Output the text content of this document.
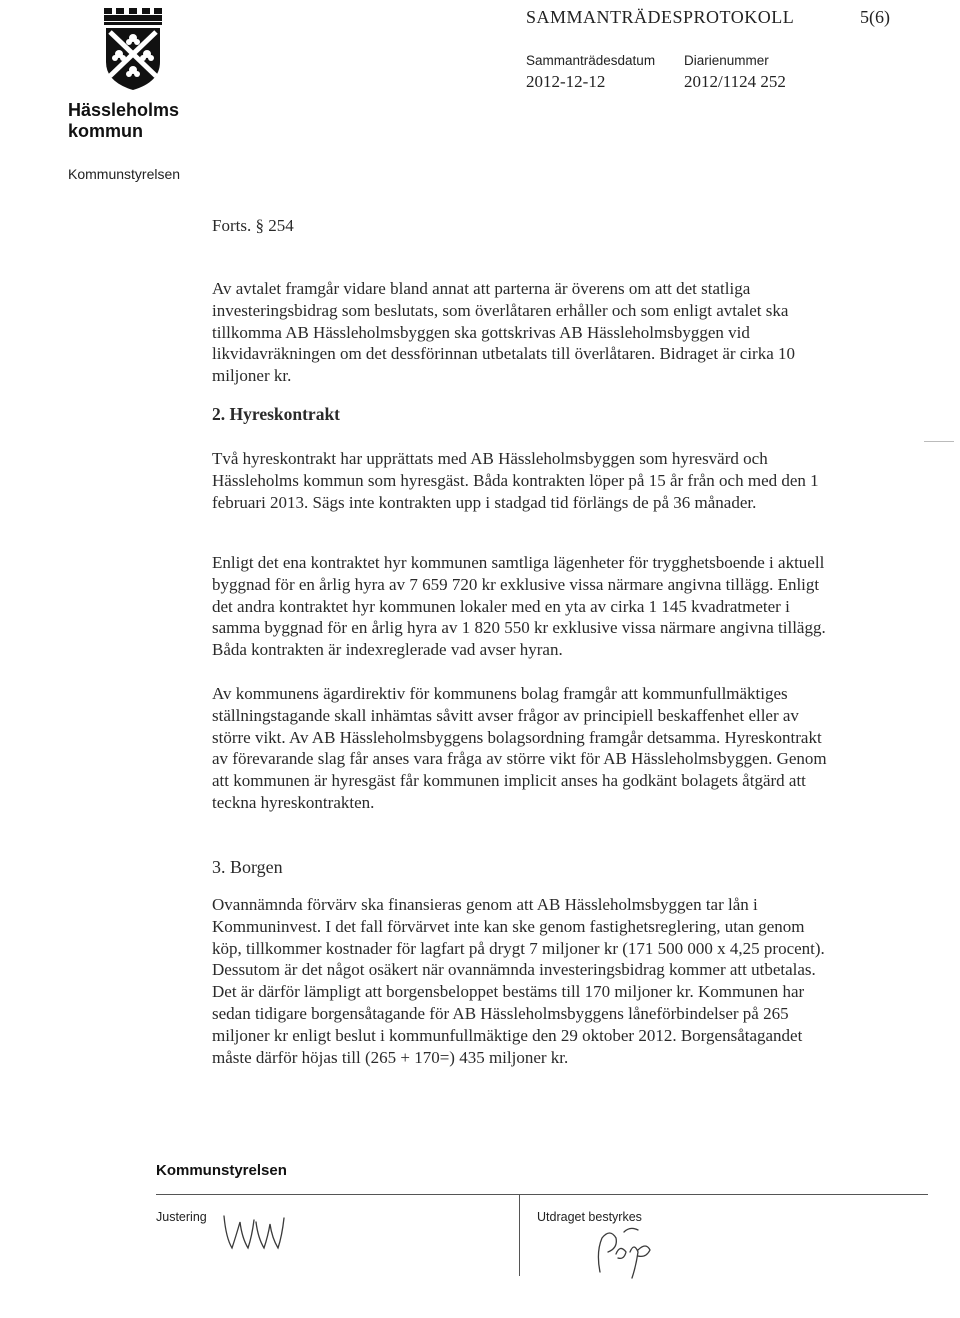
Hässleholms kommun
Kommunstyrelsen
SAMMANTRÄDESPROTOKOLL	5(6)
Sammanträdesdatum
2012-12-12
Diarienummer
2012/1124 252
Forts. § 254

Av avtalet framgår vidare bland annat att parterna är överens om att det statliga investeringsbidrag som beslutats, som överlåtaren erhåller och som enligt avtalet ska tillkomma AB Hässleholmsbyggen ska gottskrivas AB Hässleholmsbyggen vid likvidavräkningen om det dessförinnan utbetalats till överlåtaren. Bidraget är cirka 10 miljoner kr.

2. Hyreskontrakt

Två hyreskontrakt har upprättats med AB Hässleholmsbyggen som hyresvärd och Hässleholms kommun som hyresgäst. Båda kontrakten löper på 15 år från och med den 1 februari 2013. Sägs inte kontrakten upp i stadgad tid förlängs de på 36 månader.

Enligt det ena kontraktet hyr kommunen samtliga lägenheter för trygghetsboende i aktuell byggnad för en årlig hyra av 7 659 720 kr exklusive vissa närmare angivna tillägg. Enligt det andra kontraktet hyr kommunen lokaler med en yta av cirka 1 145 kvadratmeter i samma byggnad för en årlig hyra av 1 820 550 kr exklusive vissa närmare angivna tillägg. Båda kontrakten är indexreglerade vad avser hyran.

Av kommunens ägardirektiv för kommunens bolag framgår att kommunfullmäktiges ställningstagande skall inhämtas såvitt avser frågor av principiell beskaffenhet eller av större vikt. Av AB Hässleholmsbyggens bolagsordning framgår detsamma. Hyreskontrakt av förevarande slag får anses vara fråga av större vikt för AB Hässleholmsbyggen. Genom att kommunen är hyresgäst får kommunen implicit anses ha godkänt bolagets åtgärd att teckna hyreskontrakten.

3. Borgen

Ovannämnda förvärv ska finansieras genom att AB Hässleholmsbyggen tar lån i Kommuninvest. I det fall förvärvet inte kan ske genom fastighetsreglering, utan genom köp, tillkommer kostnader för lagfart på drygt 7 miljoner kr (171 500 000 x 4,25 procent). Dessutom är det något osäkert när ovannämnda investeringsbidrag kommer att utbetalas. Det är därför lämpligt att borgensbeloppet bestäms till 170 miljoner kr. Kommunen har sedan tidigare borgensåtagande för AB Hässleholmsbyggens låneförbindelser på 265 miljoner kr enligt beslut i kommunfullmäktige den 29 oktober 2012. Borgensåtagandet måste därför höjas till (265 + 170=) 435 miljoner kr.

Kommunstyrelsen
Justering	Utdraget bestyrkes
